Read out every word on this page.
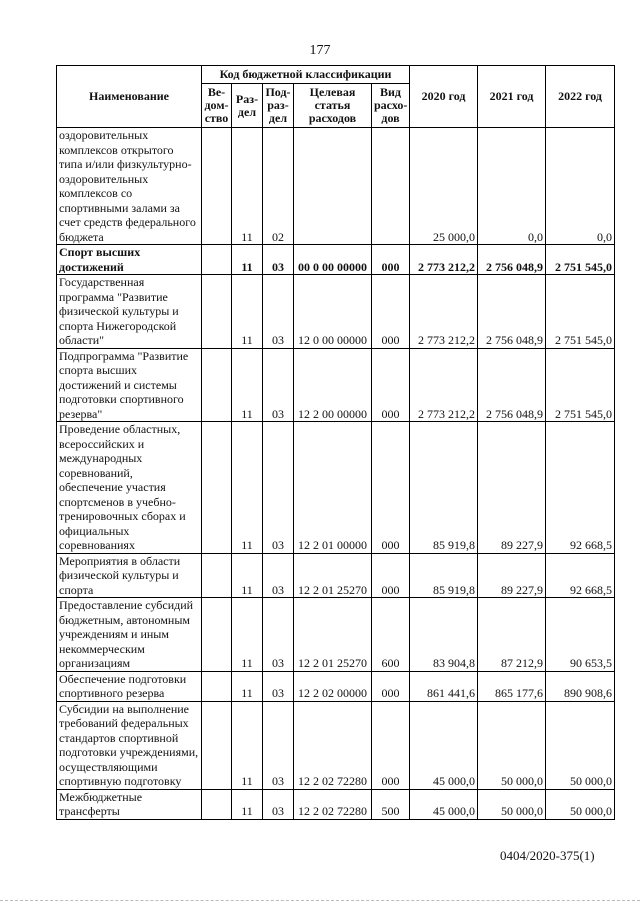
177
Наименование	Код бюджетной классификации					2020 год	2021 год	2022 год
	Ве-дом-ство	Раз-дел	Под-раз-дел	Целевая статья расходов	Вид расхо-дов			
оздоровительных комплексов открытого типа и/или физкультурно-оздоровительных комплексов со спортивными залами за счет средств федерального бюджета		11	02			25 000,0	0,0	0,0
Спорт высших достижений		11	03	00 0 00 00000	000	2 773 212,2	2 756 048,9	2 751 545,0
Государственная программа "Развитие физической культуры и спорта Нижегородской области"		11	03	12 0 00 00000	000	2 773 212,2	2 756 048,9	2 751 545,0
Подпрограмма "Развитие спорта высших достижений и системы подготовки спортивного резерва"		11	03	12 2 00 00000	000	2 773 212,2	2 756 048,9	2 751 545,0
Проведение областных, всероссийских и международных соревнований, обеспечение участия спортсменов в учебно-тренировочных сборах и официальных соревнованиях		11	03	12 2 01 00000	000	85 919,8	89 227,9	92 668,5
Мероприятия в области физической культуры и спорта		11	03	12 2 01 25270	000	85 919,8	89 227,9	92 668,5
Предоставление субсидий бюджетным, автономным учреждениям и иным некоммерческим организациям		11	03	12 2 01 25270	600	83 904,8	87 212,9	90 653,5
Обеспечение подготовки спортивного резерва		11	03	12 2 02 00000	000	861 441,6	865 177,6	890 908,6
Субсидии на выполнение требований федеральных стандартов спортивной подготовки учреждениями, осуществляющими спортивную подготовку		11	03	12 2 02 72280	000	45 000,0	50 000,0	50 000,0
Межбюджетные трансферты		11	03	12 2 02 72280	500	45 000,0	50 000,0	50 000,0
0404/2020-375(1)
